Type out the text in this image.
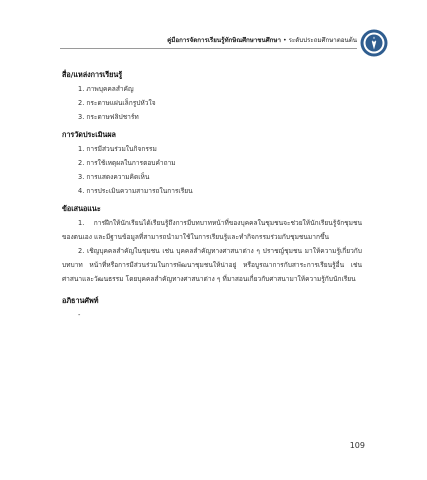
คู่มือการจัดการเรียนรู้ทักษิณศึกษาชนศึกษา • ระดับประถมศึกษาตอนต้น

สื่อ/แหล่งการเรียนรู้

1. ภาพบุคคลสำคัญ

2. กระดาษแผ่นเล็กรูปหัวใจ

3. กระดาษฟลิปชาร์ท

การวัดประเมินผล

1. การมีส่วนร่วมในกิจกรรม

2. การใช้เหตุผลในการตอบคำถาม

3. การแสดงความคิดเห็น

4. การประเมินความสามารถในการเรียน

ข้อเสนอแนะ

1. การฝึกให้นักเรียนได้เรียนรู้ถึงการมีบทบาทหน้าที่ของบุคคลในชุมชนจะช่วยให้นักเรียนรู้จักชุมชนของตนเอง และมีฐานข้อมูลที่สามารถนำมาใช้ในการเรียนรู้และทำกิจกรรมร่วมกับชุมชนมากขึ้น

2. เชิญบุคคลสำคัญในชุมชน เช่น บุคคลสำคัญทางศาสนาต่าง ๆ ปราชญ์ชุมชน มาให้ความรู้เกี่ยวกับบทบาท หน้าที่หรือการมีส่วนร่วมในการพัฒนาชุมชนให้น่าอยู่ หรือบูรณาการกับสาระการเรียนรู้อื่น เช่น ศาสนาและวัฒนธรรม โดยบุคคลสำคัญทางศาสนาต่าง ๆ ที่มาสอนเกี่ยวกับศาสนามาให้ความรู้กับนักเรียน

อภิธานศัพท์

-

109
